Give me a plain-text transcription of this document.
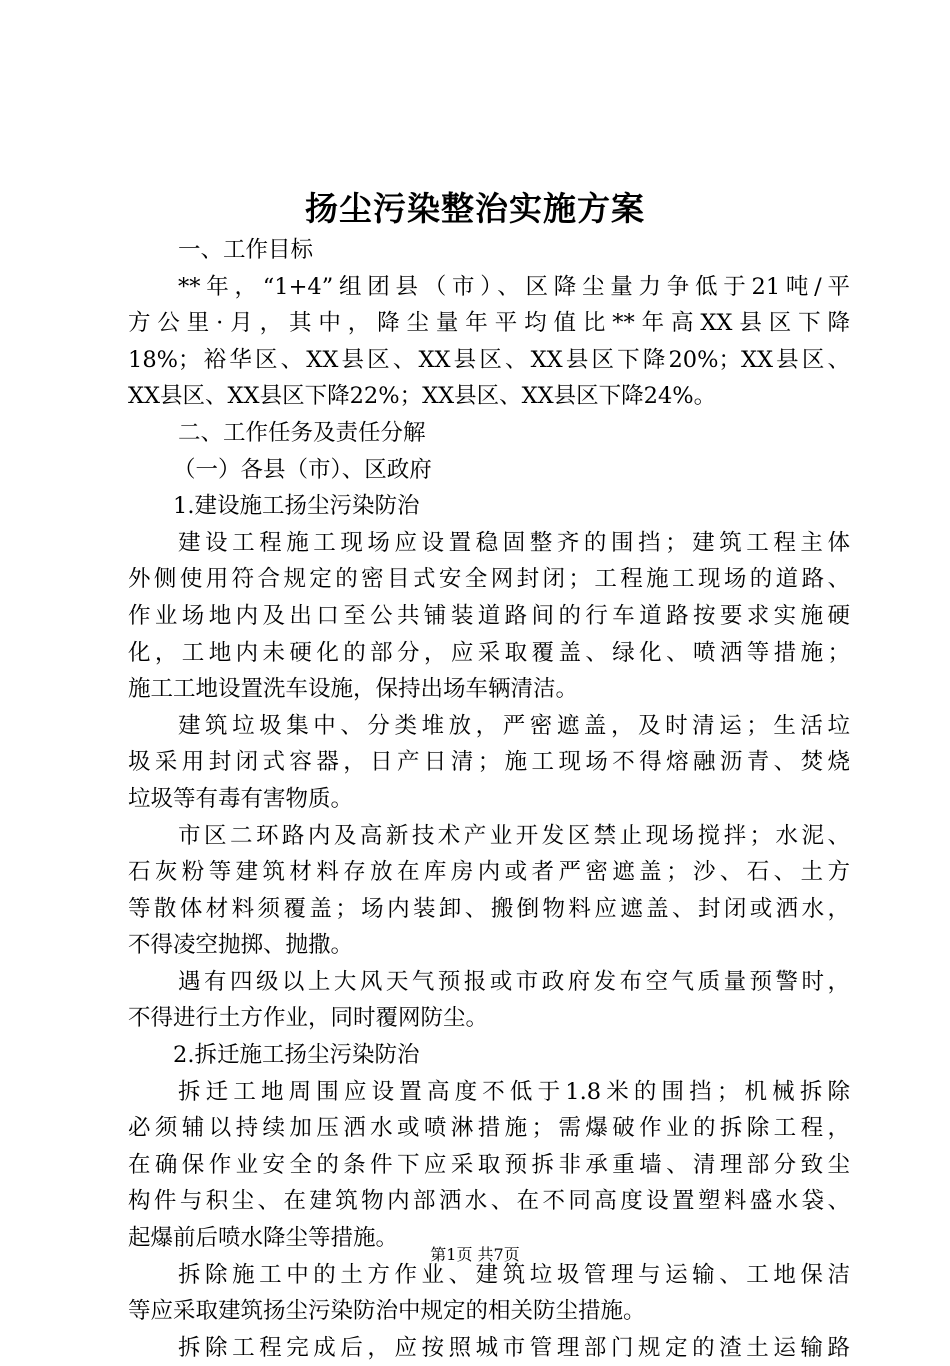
扬尘污染整治实施方案
一、工作目标
**年，“1+4”组团县（市）、区降尘量力争低于21吨/平
方公里·月，其中，降尘量年平均值比**年高XX县区下降
18%；裕华区、XX县区、XX县区、XX县区下降20%；XX县区、
XX县区、XX县区下降22%；XX县区、XX县区下降24%。
二、工作任务及责任分解
（一）各县（市）、区政府
1.建设施工扬尘污染防治
建设工程施工现场应设置稳固整齐的围挡；建筑工程主体
外侧使用符合规定的密目式安全网封闭；工程施工现场的道路、
作业场地内及出口至公共铺装道路间的行车道路按要求实施硬
化，工地内未硬化的部分，应采取覆盖、绿化、喷洒等措施；
施工工地设置洗车设施，保持出场车辆清洁。
建筑垃圾集中、分类堆放，严密遮盖，及时清运；生活垃
圾采用封闭式容器，日产日清；施工现场不得熔融沥青、焚烧
垃圾等有毒有害物质。
市区二环路内及高新技术产业开发区禁止现场搅拌；水泥、
石灰粉等建筑材料存放在库房内或者严密遮盖；沙、石、土方
等散体材料须覆盖；场内装卸、搬倒物料应遮盖、封闭或洒水，
不得凌空抛掷、抛撒。
遇有四级以上大风天气预报或市政府发布空气质量预警时，
不得进行土方作业，同时覆网防尘。
2.拆迁施工扬尘污染防治
拆迁工地周围应设置高度不低于1.8米的围挡；机械拆除
必须辅以持续加压洒水或喷淋措施；需爆破作业的拆除工程，
在确保作业安全的条件下应采取预拆非承重墙、清理部分致尘
构件与积尘、在建筑物内部洒水、在不同高度设置塑料盛水袋、
起爆前后喷水降尘等措施。
拆除施工中的土方作业、建筑垃圾管理与运输、工地保洁
等应采取建筑扬尘污染防治中规定的相关防尘措施。
拆除工程完成后，应按照城市管理部门规定的渣土运输路
第1页 共7页
